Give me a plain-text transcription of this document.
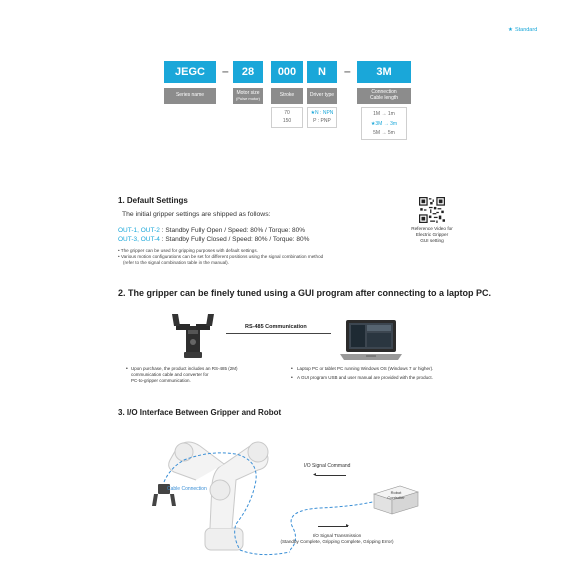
★ Standard
JEGC	–	28	000	N	–	3M
Series name	Motor size
(Pulse motor)	Stroke	Driver type	Connection
Cable length
70
150
★N : NPN
P : PNP
1M → 1m
★3M → 3m
5M → 5m
1. Default Settings
The initial gripper settings are shipped as follows:
OUT-1, OUT-2 : Standby Fully Open / Speed: 80% / Torque: 80%
OUT-3, OUT-4 : Standby Fully Closed / Speed: 80% / Torque: 80%
• The gripper can be used for gripping purposes with default settings.
• Various motion configurations can be set for different positions using the signal combination method
(refer to the signal combination table in the manual).
Reference Video for
Electric Gripper
GUI setting
2. The gripper can be finely tuned using a GUI program after connecting to a laptop PC.
RS-485 Communication
Upon purchase, the product includes an RS-485 (2M)
communication cable and converter for
PC-to-gripper communication.
•	Laptop PC or tablet PC running Windows OS (Windows 7 or higher).
A GUI program USB and user manual are provided with the product.
•
•
3. I/O Interface Between Gripper and Robot
Cable Connection
I/O Signal Command
◂
Robot
Controller
▸
I/O Signal Transmission
(Standby Complete, Gripping Complete, Gripping Error)
